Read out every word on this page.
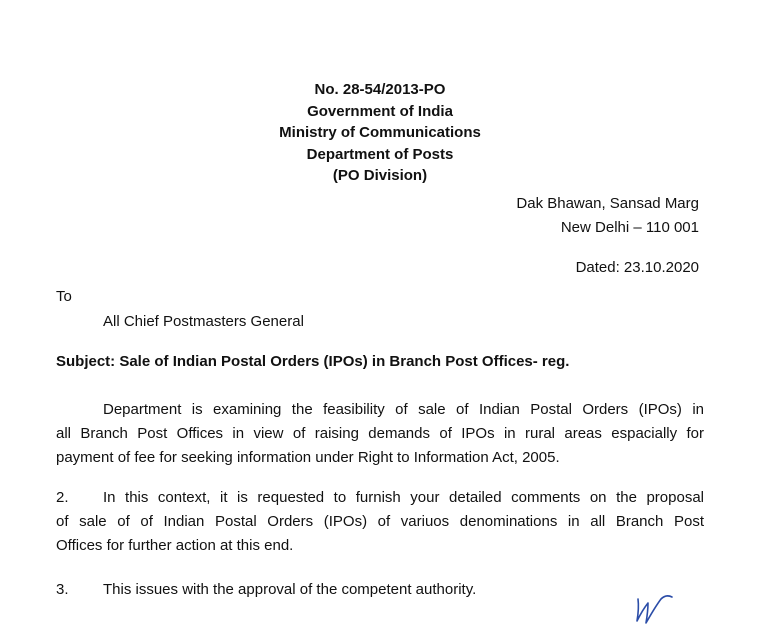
No. 28-54/2013-PO
Government of India
Ministry of Communications
Department of Posts
(PO Division)
Dak Bhawan, Sansad Marg
New Delhi – 110 001
Dated: 23.10.2020
To
All Chief Postmasters General
Subject: Sale of Indian Postal Orders (IPOs) in Branch Post Offices- reg.
Department is examining the feasibility of sale of Indian Postal Orders (IPOs) in
all Branch Post Offices in view of raising demands of IPOs in rural areas espacially for
payment of fee for seeking information under Right to Information Act, 2005.
2. In this context, it is requested to furnish your detailed comments on the proposal
of sale of of Indian Postal Orders (IPOs) of variuos denominations in all Branch Post
Offices for further action at this end.
3. This issues with the approval of the competent authority.
